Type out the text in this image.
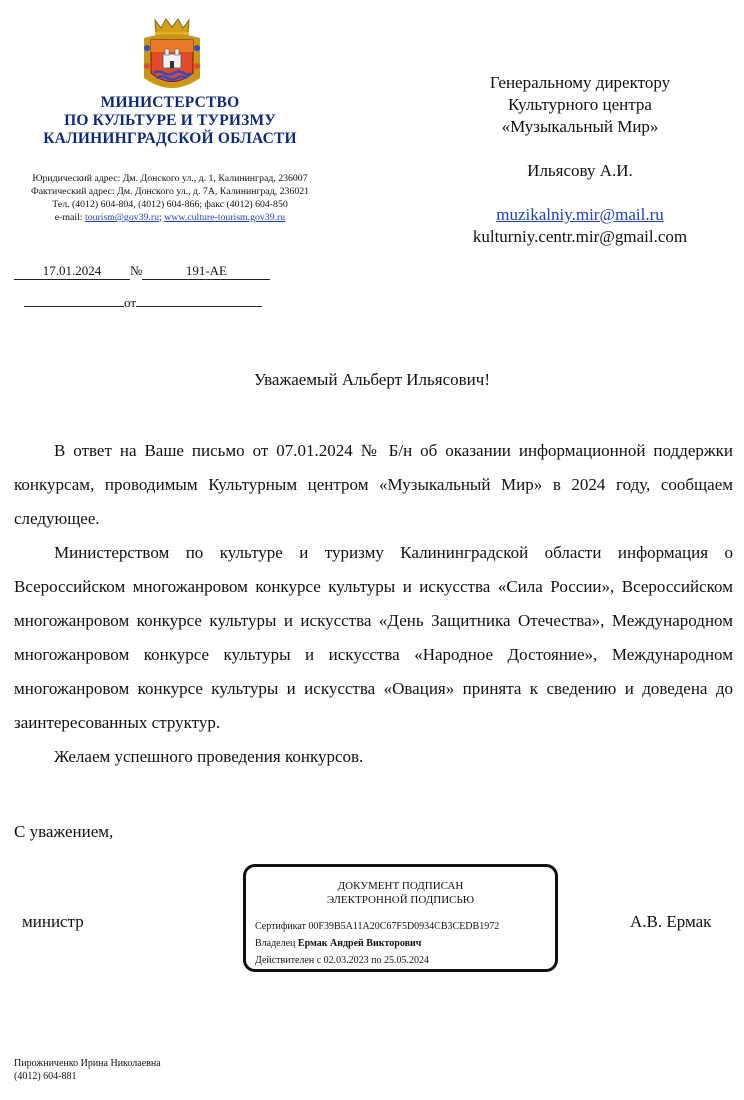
МИНИСТЕРСТВО
ПО КУЛЬТУРЕ И ТУРИЗМУ
КАЛИНИНГРАДСКОЙ ОБЛАСТИ
Юридический адрес: Дм. Донского ул., д. 1, Калининград, 236007
Фактический адрес: Дм. Донского ул., д. 7А, Калининград, 236021
Тел. (4012) 604-804, (4012) 604-866; факс (4012) 604-850
e-mail: tourism@gov39.ru; www.culture-tourism.gov39.ru
17.01.2024 №	191-АЕ
от
Генеральному директору
Культурного центра
«Музыкальный Мир»
Ильясову А.И.
muzikalniy.mir@mail.ru
kulturniy.centr.mir@gmail.com
Уважаемый Альберт Ильясович!

В ответ на Ваше письмо от 07.01.2024 № Б/н об оказании информационной поддержки конкурсам, проводимым Культурным центром «Музыкальный Мир» в 2024 году, сообщаем следующее.

Министерством по культуре и туризму Калининградской области информация о Всероссийском многожанровом конкурсе культуры и искусства «Сила России», Всероссийском многожанровом конкурсе культуры и искусства «День Защитника Отечества», Международном многожанровом конкурсе культуры и искусства «Народное Достояние», Международном многожанровом конкурсе культуры и искусства «Овация» принята к сведению и доведена до заинтересованных структур.

Желаем успешного проведения конкурсов.

С уважением,
министр	А.В. Ермак
ДОКУМЕНТ ПОДПИСАН
ЭЛЕКТРОННОЙ ПОДПИСЬЮ
Сертификат 00F39B5A11A20C67F5D0934CB3CEDB1972
Владелец Ермак Андрей Викторович
Действителен с 02.03.2023 по 25.05.2024
Пирожниченко Ирина Николаевна
(4012) 604-881
